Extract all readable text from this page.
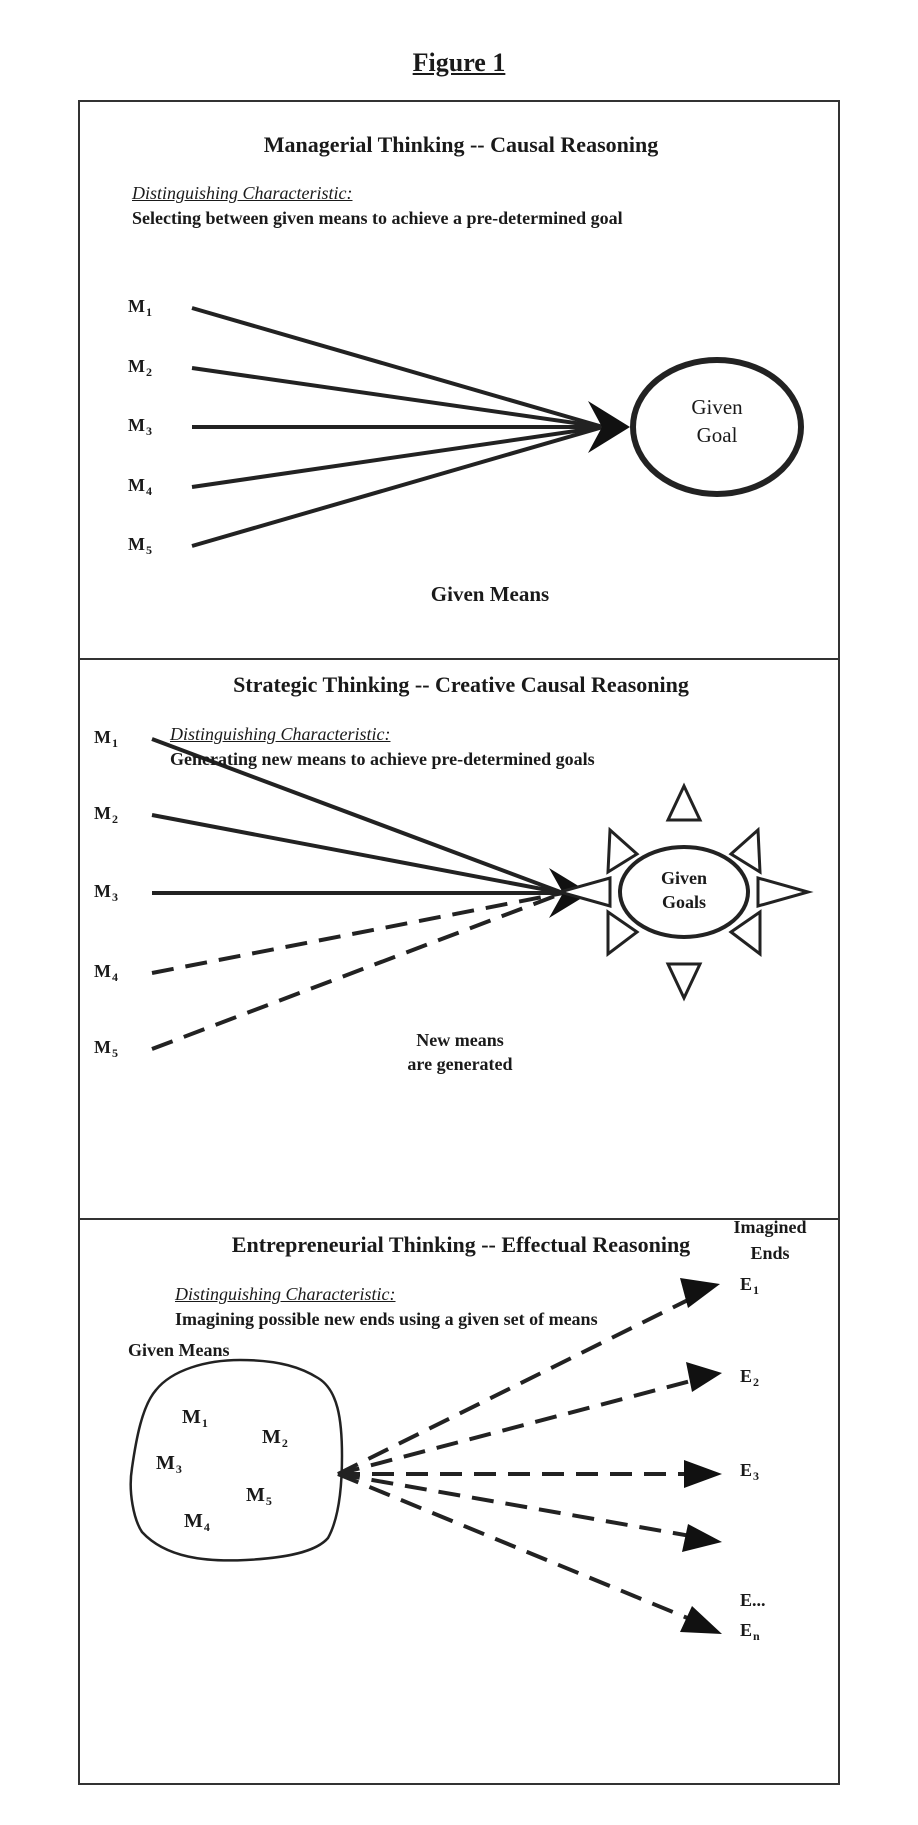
Figure 1
Managerial Thinking -- Causal Reasoning
Distinguishing Characteristic:
Selecting between given means to achieve a pre-determined goal
$M_1$
$M_2$
$M_3$
$M_4$
$M_5$
Given
Goal
Given Means
Strategic Thinking -- Creative Causal Reasoning
Distinguishing Characteristic:
Generating new means to achieve pre-determined goals
$M_1$
$M_2$
$M_3$
$M_4$
$M_5$
Given
Goals
New means
are generated
Entrepreneurial Thinking -- Effectual Reasoning
Distinguishing Characteristic:
Imagining possible new ends using a given set of means
Given Means
$M_1$
$M_2$
$M_3$
$M_5$
$M_4$
Imagined
Ends
$E_1$
$E_2$
$E_3$
E...
$E_n$
